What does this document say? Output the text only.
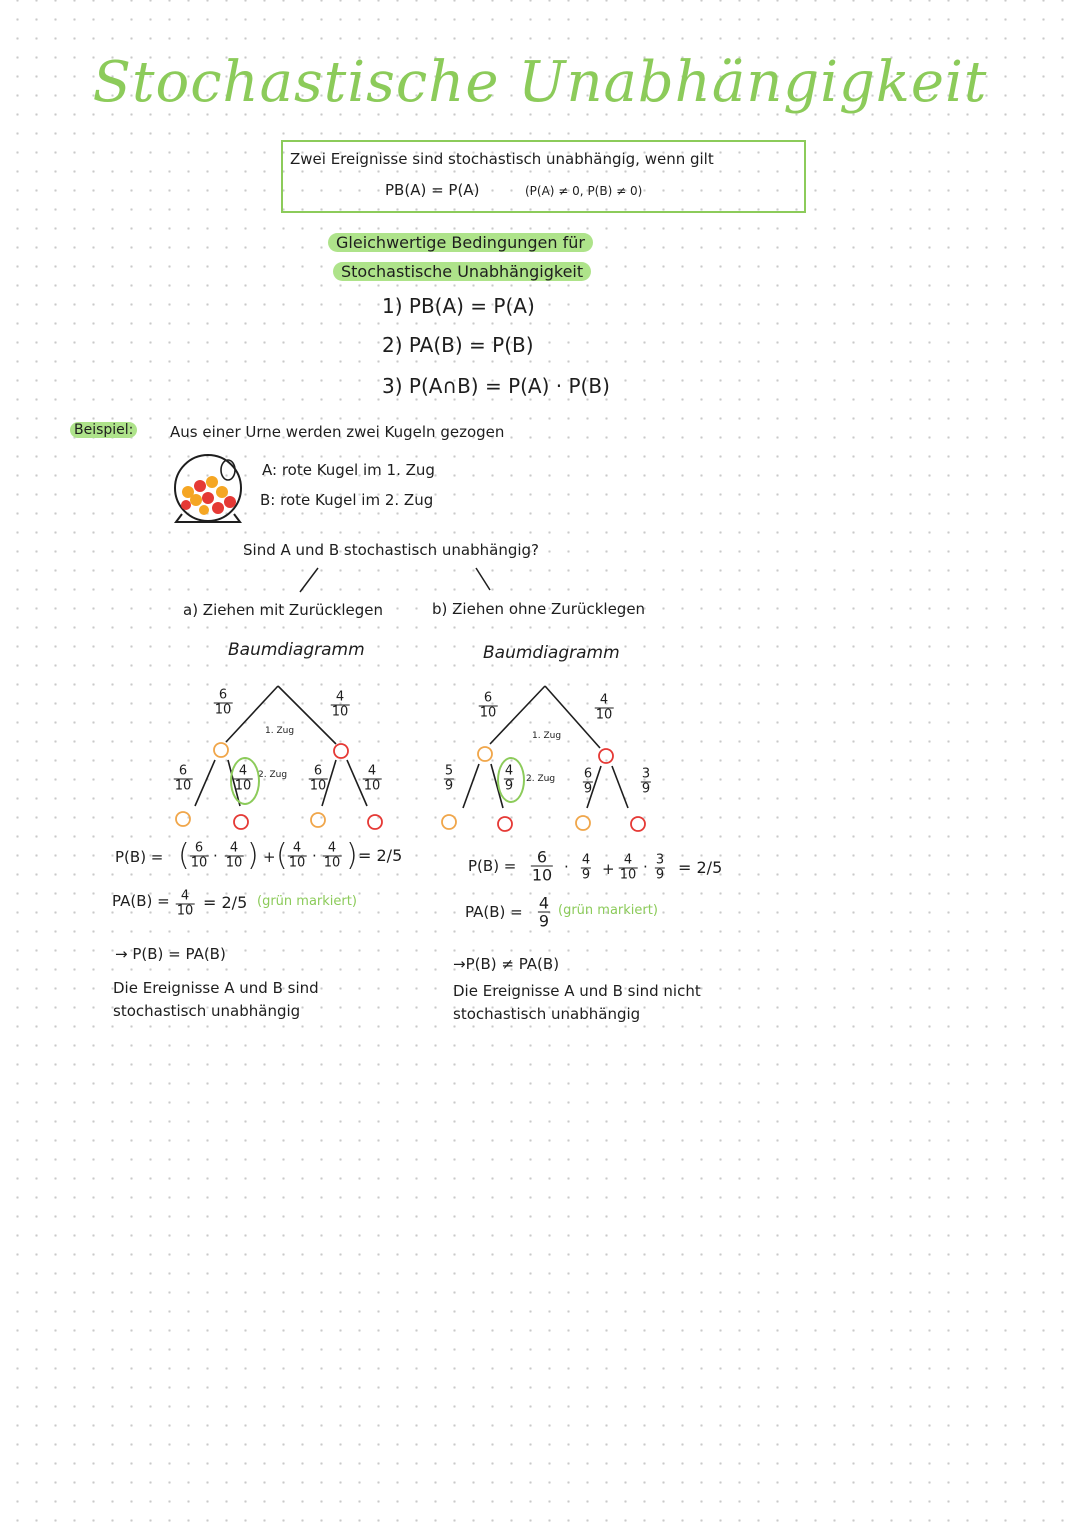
Stochastische Unabhängigkeit
Zwei Ereignisse sind stochastisch unabhängig, wenn gilt
PB(A) = P(A)	(P(A) ≠ 0, P(B) ≠ 0)
Gleichwertige Bedingungen für
Stochastische Unabhängigkeit
1) PB(A) = P(A)
2) PA(B) = P(B)
3) P(A∩B) = P(A) · P(B)
Beispiel: Aus einer Urne werden zwei Kugeln gezogen
A: rote Kugel im 1. Zug
B: rote Kugel im 2. Zug
Sind A und B stochastisch unabhängig?
a) Ziehen mit Zurücklegen
Baumdiagramm
1. Zug
2. Zug
$\frac{6}{10}$	$\frac{4}{10}$
$\frac{6}{10}$	$\frac{4}{10}$	$\frac{6}{10}$	$\frac{4}{10}$
P(B) = ( $\frac{6}{10} \cdot \frac{4}{10}$ ) + ( $\frac{4}{10} \cdot \frac{4}{10}$ ) = 2/5
$PA(B) = \frac{4}{10} = 2/5$ (grün markiert)
→ P(B) = PA(B)
Die Ereignisse A und B sind
stochastisch unabhängig
b) Ziehen ohne Zurücklegen
Baumdiagramm
1. Zug
2. Zug
$\frac{6}{10}$	$\frac{4}{10}$
$\frac{5}{9}$	$\frac{4}{9}$	$\frac{6}{9}$	$\frac{3}{9}$
$P(B) = \frac{6}{10} \cdot \frac{4}{9} + \frac{4}{10} \cdot \frac{3}{9} = 2/5$
$PA(B) = \frac{4}{9}$ (grün markiert)
→P(B) ≠ PA(B)
Die Ereignisse A und B sind nicht
stochastisch unabhängig
